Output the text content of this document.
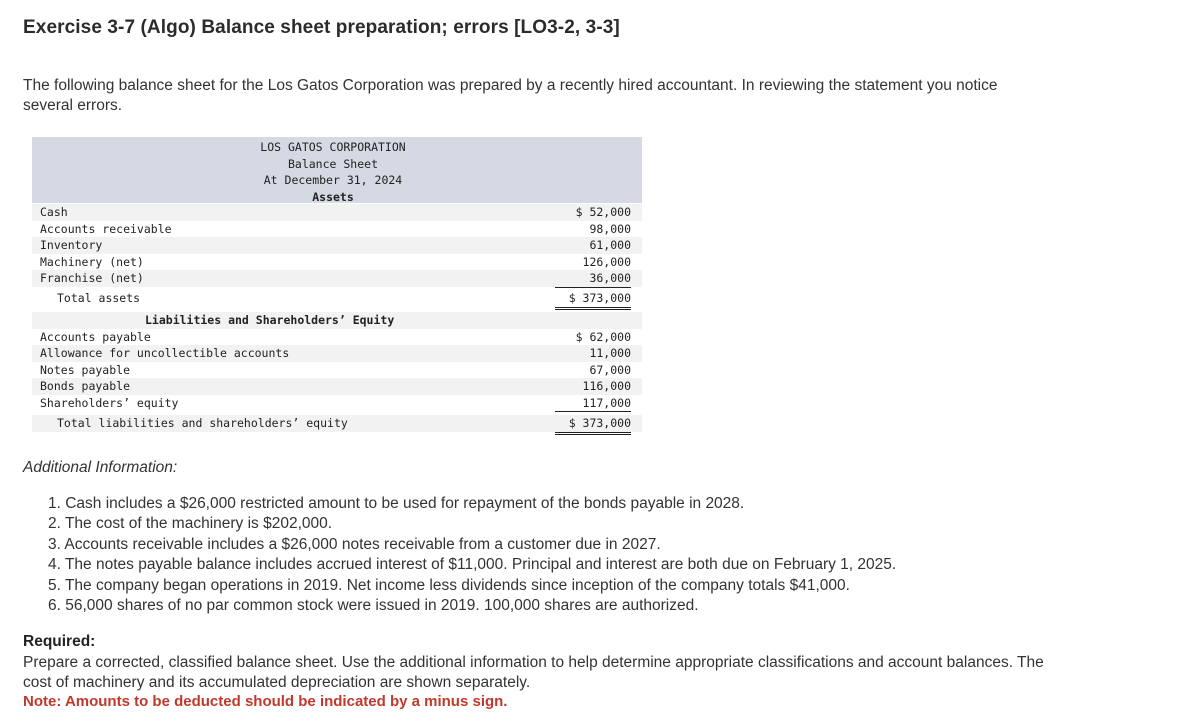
Exercise 3-7 (Algo) Balance sheet preparation; errors [LO3-2, 3-3]
The following balance sheet for the Los Gatos Corporation was prepared by a recently hired accountant. In reviewing the statement you notice several errors.
LOS GATOS CORPORATION
Balance Sheet
At December 31, 2024
Assets
Cash	$ 52,000
Accounts receivable	98,000
Inventory	61,000
Machinery (net)	126,000
Franchise (net)	36,000
Total assets	$ 373,000
Liabilities and Shareholders’ Equity
Accounts payable	$ 62,000
Allowance for uncollectible accounts	11,000
Notes payable	67,000
Bonds payable	116,000
Shareholders’ equity	117,000
Total liabilities and shareholders’ equity	$ 373,000
Additional Information:
1. Cash includes a $26,000 restricted amount to be used for repayment of the bonds payable in 2028.
2. The cost of the machinery is $202,000.
3. Accounts receivable includes a $26,000 notes receivable from a customer due in 2027.
4. The notes payable balance includes accrued interest of $11,000. Principal and interest are both due on February 1, 2025.
5. The company began operations in 2019. Net income less dividends since inception of the company totals $41,000.
6. 56,000 shares of no par common stock were issued in 2019. 100,000 shares are authorized.
Required:
Prepare a corrected, classified balance sheet. Use the additional information to help determine appropriate classifications and account balances. The cost of machinery and its accumulated depreciation are shown separately.
Note: Amounts to be deducted should be indicated by a minus sign.
